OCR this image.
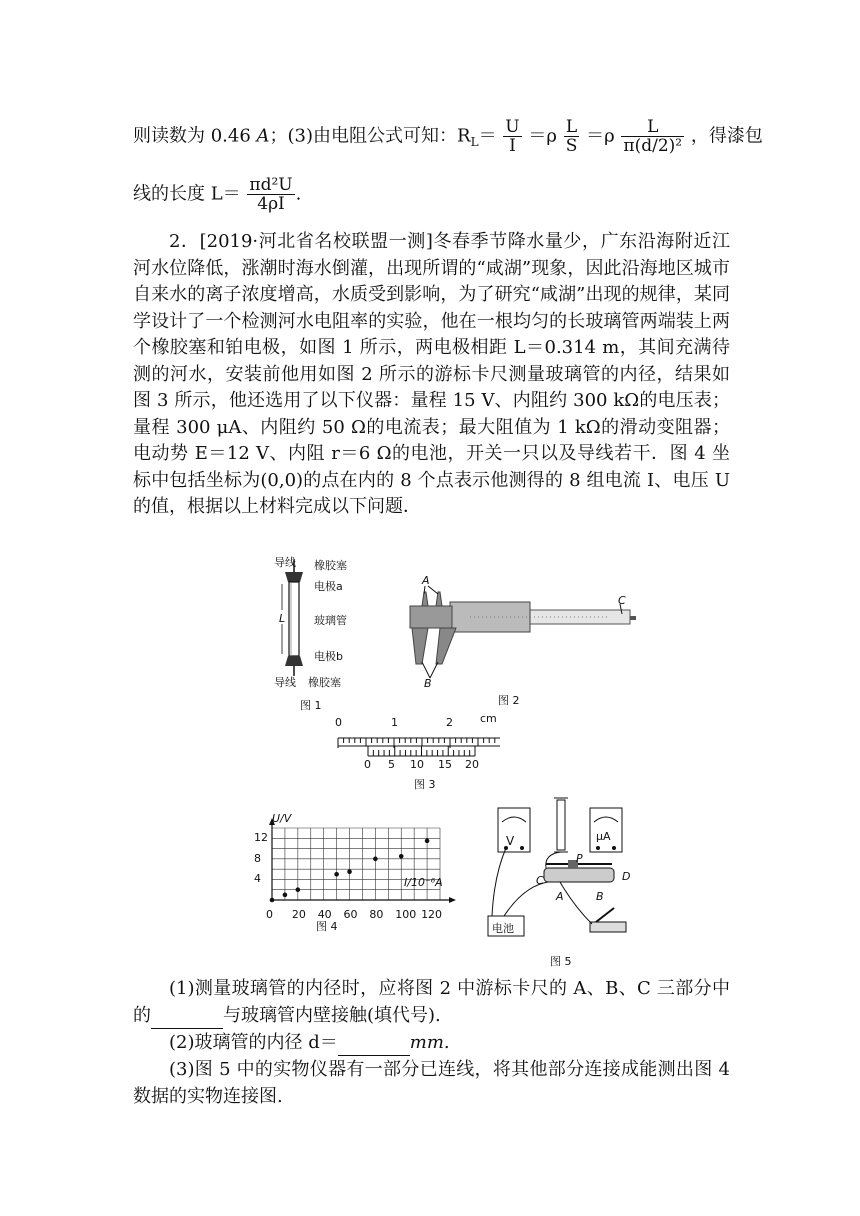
则读数为 0.46 A；(3)由电阻公式可知：$R_L= \frac{U}{I} =\rho \frac{L}{S} =\rho \frac{L}{\text{π(d/2)²}}$ ，得漆包
线的长度 $L= \frac{\text{πd²U}}{4\rho I}$ .

2．[2019·河北省名校联盟一测]冬春季节降水量少，广东沿海附近江河水位降低，涨潮时海水倒灌，出现所谓的“咸湖”现象，因此沿海地区城市自来水的离子浓度增高，水质受到影响，为了研究“咸湖”出现的规律，某同学设计了一个检测河水电阻率的实验，他在一根均匀的长玻璃管两端装上两个橡胶塞和铂电极，如图 1 所示，两电极相距 L＝0.314 m，其间充满待测的河水，安装前他用如图 2 所示的游标卡尺测量玻璃管的内径，结果如图 3 所示，他还选用了以下仪器：量程 15 V、内阻约 300 kΩ的电压表；量程 300 μA、内阻约 50 Ω的电流表；最大阻值为 1 kΩ的滑动变阻器；电动势 E＝12 V、内阻 r＝6 Ω的电池，开关一只以及导线若干．图 4 坐标中包括坐标为(0,0)的点在内的 8 个点表示他测得的 8 组电流 I、电压 U 的值，根据以上材料完成以下问题．

导线 橡胶塞
电极a
L	玻璃管
电极b
导线 橡胶塞
图 1
A
B
C
图 2
0	1	2 cm
0 5 10 15 20
图 3
U/V
I/10⁻⁶A
0 20 40 60 80 100 120
4
8
12
图 4
V	μA
电池
P
C	D
A	B
图 5

(1)测量玻璃管的内径时，应将图 2 中游标卡尺的 A、B、C 三部分中的	与玻璃管内壁接触(填代号).

(2)玻璃管的内径 d＝	mm.

(3)图 5 中的实物仪器有一部分已连线，将其他部分连接成能测出图 4 数据的实物连接图.
